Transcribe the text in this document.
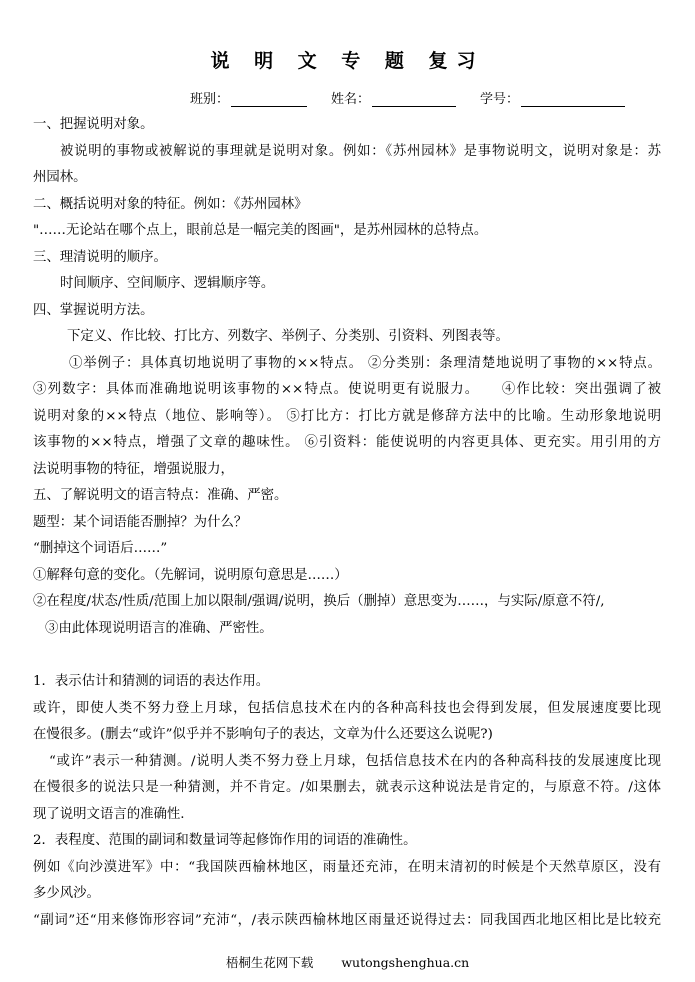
说 明 文 专 题 复习
班别：	姓名：	学号：
一、把握说明对象。
被说明的事物或被解说的事理就是说明对象。例如：《苏州园林》是事物说明文，说明对象是：苏
州园林。
二、概括说明对象的特征。例如：《苏州园林》
"……无论站在哪个点上，眼前总是一幅完美的图画"，是苏州园林的总特点。
三、理清说明的顺序。
时间顺序、空间顺序、逻辑顺序等。
四、掌握说明方法。
下定义、作比较、打比方、列数字、举例子、分类别、引资料、列图表等。
①举例子：具体真切地说明了事物的××特点。 ②分类别：条理清楚地说明了事物的××特点。
③列数字：具体而准确地说明该事物的××特点。使说明更有说服力。　　④作比较：突出强调了被
说明对象的××特点（地位、影响等）。 ⑤打比方：打比方就是修辞方法中的比喻。生动形象地说明
该事物的××特点，增强了文章的趣味性。 ⑥引资料：能使说明的内容更具体、更充实。用引用的方
法说明事物的特征，增强说服力，
五、了解说明文的语言特点：准确、严密。
题型：某个词语能否删掉？为什么？
“删掉这个词语后……”
①解释句意的变化。（先解词，说明原句意思是……）
②在程度/状态/性质/范围上加以限制/强调/说明，换后（删掉）意思变为……，与实际/原意不符/,
③由此体现说明语言的准确、严密性。
1．表示估计和猜测的词语的表达作用。
或许，即使人类不努力登上月球，包括信息技术在内的各种高科技也会得到发展，但发展速度要比现
在慢很多。(删去“或许”似乎并不影响句子的表达，文章为什么还要这么说呢?)
“或许”表示一种猜测。/说明人类不努力登上月球，包括信息技术在内的各种高科技的发展速度比现
在慢很多的说法只是一种猜测，并不肯定。/如果删去，就表示这种说法是肯定的，与原意不符。/这体
现了说明文语言的准确性.
2．表程度、范围的副词和数量词等起修饰作用的词语的准确性。
例如《向沙漠进军》中：“我国陕西榆林地区，雨量还充沛，在明末清初的时候是个天然草原区，没有
多少风沙。
“副词”还“用来修饰形容词”充沛“，/表示陕西榆林地区雨量还说得过去：同我国西北地区相比是比较充
梧桐生花网下载 wutongshenghua.cn
